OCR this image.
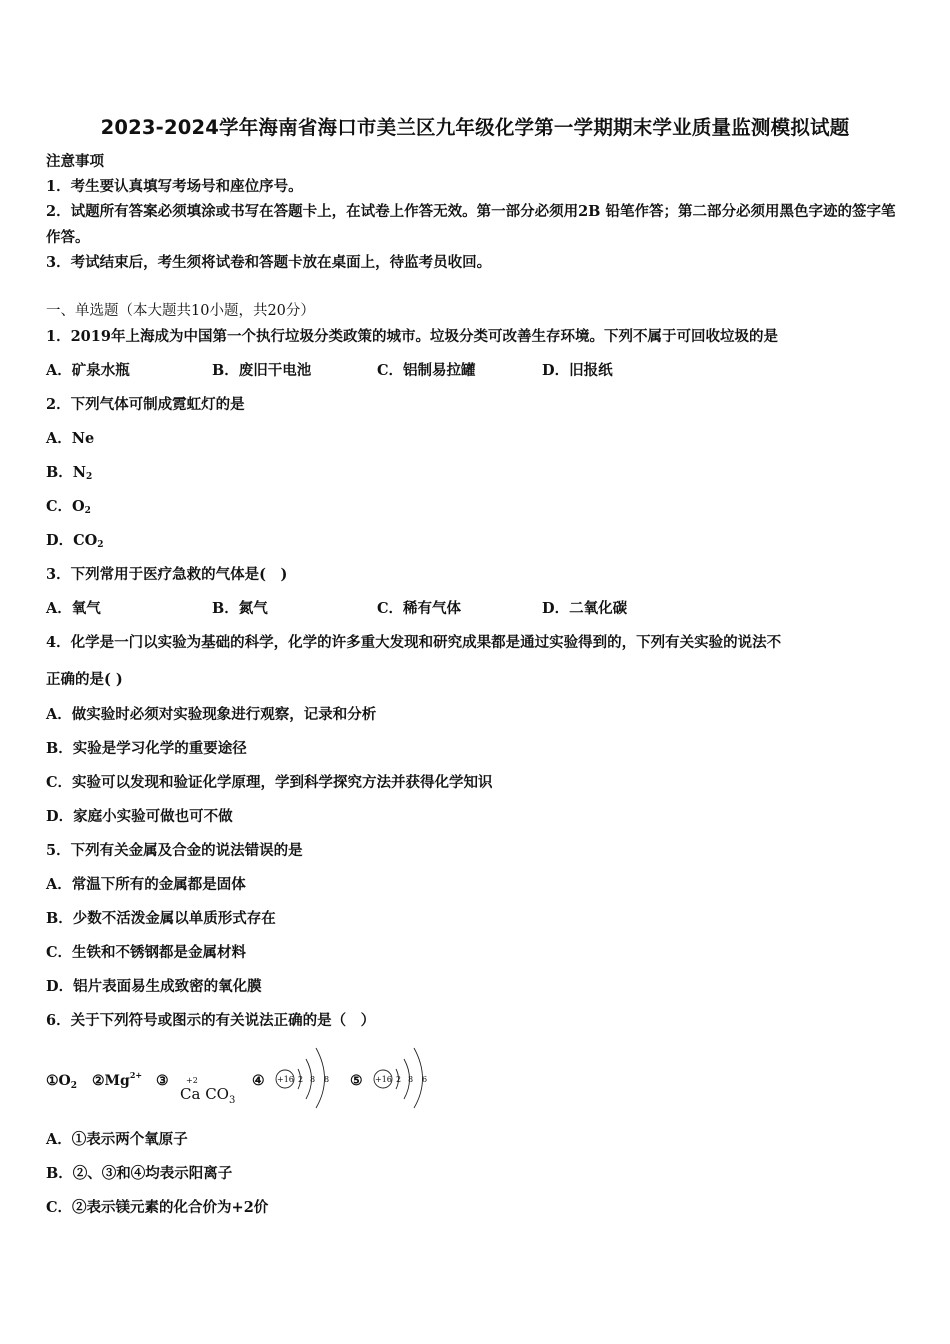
2023-2024学年海南省海口市美兰区九年级化学第一学期期末学业质量监测模拟试题
注意事项
1．考生要认真填写考场号和座位序号。
2．试题所有答案必须填涂或书写在答题卡上，在试卷上作答无效。第一部分必须用2B 铅笔作答；第二部分必须用黑色字迹的签字笔作答。
3．考试结束后，考生须将试卷和答题卡放在桌面上，待监考员收回。
一、单选题（本大题共10小题，共20分）
1．2019年上海成为中国第一个执行垃圾分类政策的城市。垃圾分类可改善生存环境。下列不属于可回收垃圾的是
A．矿泉水瓶	B．废旧干电池	C．铝制易拉罐	D．旧报纸
2．下列气体可制成霓虹灯的是
A．Ne
B．$N_2$
C．$O_2$
D．$CO_2$
3．下列常用于医疗急救的气体是(　)
A．氧气	B．氮气	C．稀有气体	D．二氧化碳
4．化学是一门以实验为基础的科学，化学的许多重大发现和研究成果都是通过实验得到的，下列有关实验的说法不
正确的是( )
A．做实验时必须对实验现象进行观察，记录和分析
B．实验是学习化学的重要途径
C．实验可以发现和验证化学原理，学到科学探究方法并获得化学知识
D．家庭小实验可做也可不做
5．下列有关金属及合金的说法错误的是
A．常温下所有的金属都是固体
B．少数不活泼金属以单质形式存在
C．生铁和不锈钢都是金属材料
D．铝片表面易生成致密的氧化膜
6．关于下列符号或图示的有关说法正确的是（　）
$①O_2$ $②Mg^{2+}$ ③ +2
Ca $CO_3$
④ +16 2 8 8 ⑤ +16 2 8 6
A．①表示两个氧原子
B．②、③和④均表示阳离子
C．②表示镁元素的化合价为+2价
